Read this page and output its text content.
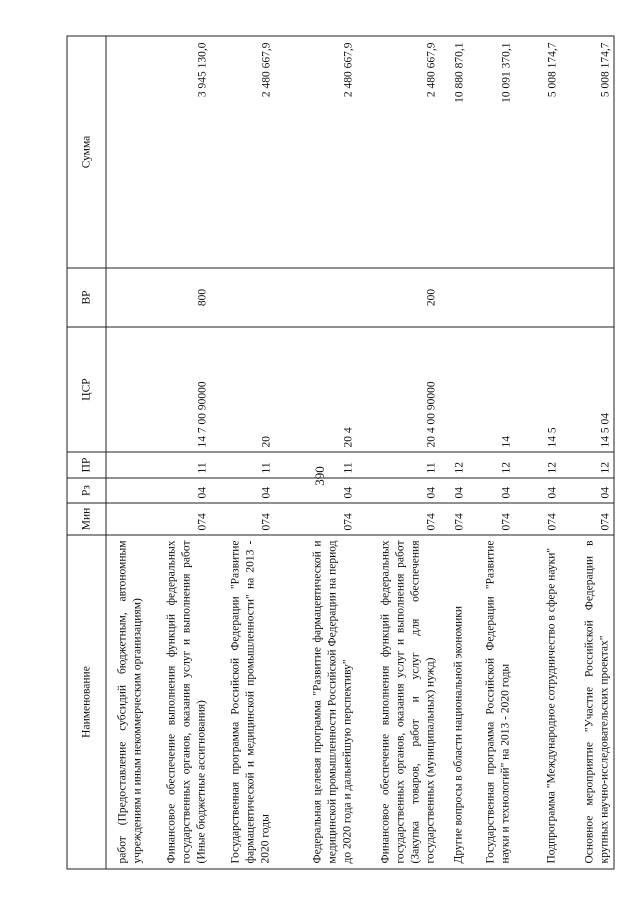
390
Наименование	Мин	Рз	ПР	ЦСР	ВР	Сумма
работ (Предоставление субсидий бюджетным, автономным учреждениям и иным некоммерческим организациям)						
Финансовое обеспечение выполнения функций федеральных государственных органов, оказания услуг и выполнения работ (Иные бюджетные ассигнования)	074	04	11	14 7 00 90000	800	3 945 130,0
Государственная программа Российской Федерации "Развитие фармацевтической и медицинской промышленности" на 2013 - 2020 годы	074	04	11	20		2 480 667,9
Федеральная целевая программа "Развитие фармацевтической и медицинской промышленности Российской Федерации на период до 2020 года и дальнейшую перспективу"	074	04	11	20 4		2 480 667,9
Финансовое обеспечение выполнения функций федеральных государственных органов, оказания услуг и выполнения работ (Закупка товаров, работ и услуг для обеспечения государственных (муниципальных) нужд)	074	04	11	20 4 00 90000	200	2 480 667,9
Другие вопросы в области национальной экономики	074	04	12			10 880 870,1
Государственная программа Российской Федерации "Развитие науки и технологий" на 2013 - 2020 годы	074	04	12	14		10 091 370,1
Подпрограмма "Международное сотрудничество в сфере науки"	074	04	12	14 5		5 008 174,7
Основное мероприятие "Участие Российской Федерации в крупных научно-исследовательских проектах"	074	04	12	14 5 04		5 008 174,7
